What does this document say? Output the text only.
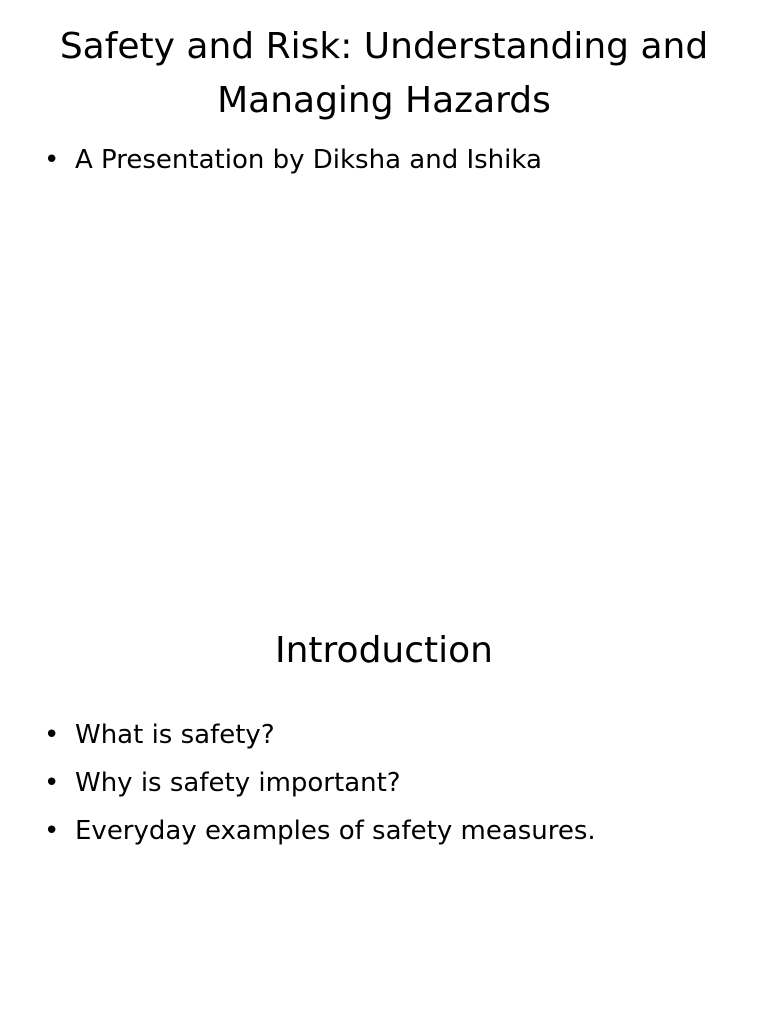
Safety and Risk: Understanding and Managing Hazards
• A Presentation by Diksha and Ishika
Introduction
• What is safety?
• Why is safety important?
• Everyday examples of safety measures.
